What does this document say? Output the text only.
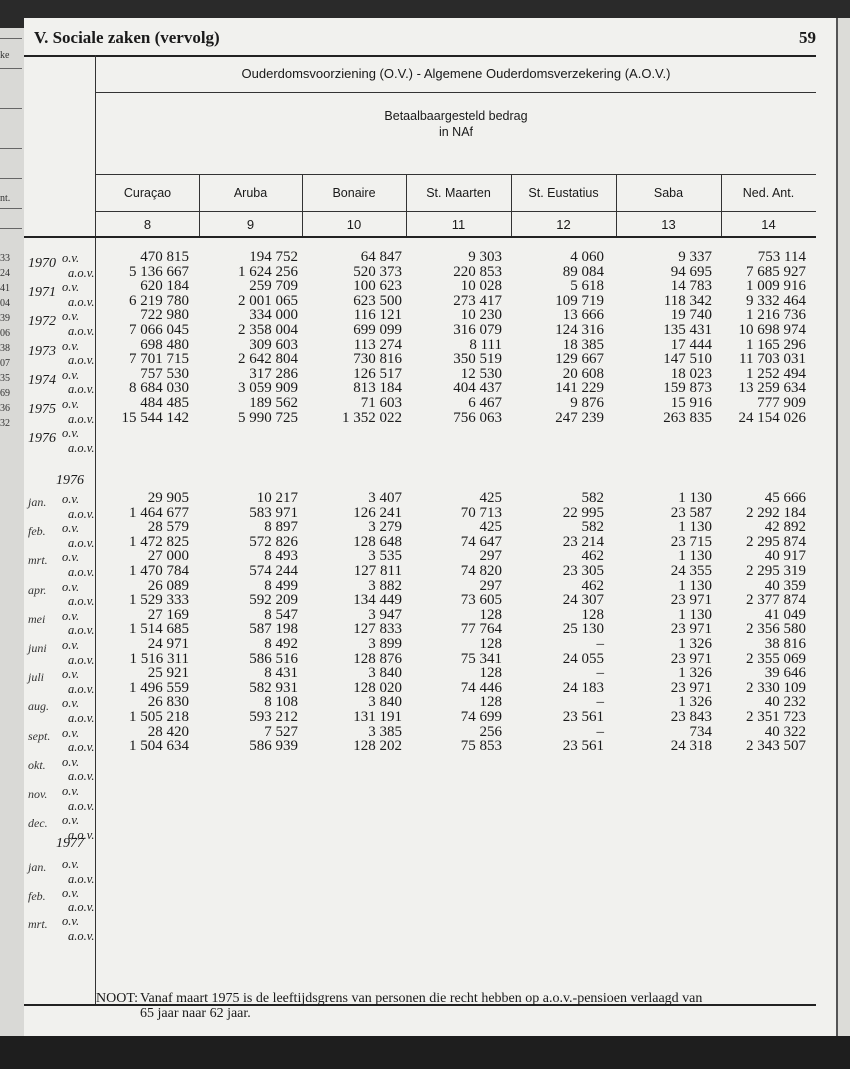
ke
nt.
33
24
41
04
39
06
38
07
35
69
36
32
V. Sociale zaken (vervolg)	59
Ouderdomsvoorziening (O.V.) - Algemene Ouderdomsverzekering (A.O.V.)
Betaalbaargesteld bedrag
in NAf
Curaçao
8
Aruba
9
Bonaire
10
St. Maarten
11
St. Eustatius
12
Saba
13
Ned. Ant.
14
1970 o.v.	470 815	194 752	64 847	9 303	4 060	9 337	753 114
a.o.v.	5 136 667	1 624 256	520 373	220 853	89 084	94 695	7 685 927
1971 o.v.	620 184	259 709	100 623	10 028	5 618	14 783	1 009 916
a.o.v.	6 219 780	2 001 065	623 500	273 417	109 719	118 342	9 332 464
1972 o.v.	722 980	334 000	116 121	10 230	13 666	19 740	1 216 736
a.o.v.	7 066 045	2 358 004	699 099	316 079	124 316	135 431	10 698 974
1973 o.v.	698 480	309 603	113 274	8 111	18 385	17 444	1 165 296
a.o.v.	7 701 715	2 642 804	730 816	350 519	129 667	147 510	11 703 031
1974 o.v.	757 530	317 286	126 517	12 530	20 608	18 023	1 252 494
a.o.v.	8 684 030	3 059 909	813 184	404 437	141 229	159 873	13 259 634
1975 o.v.	484 485	189 562	71 603	6 467	9 876	15 916	777 909
a.o.v.	15 544 142	5 990 725	1 352 022	756 063	247 239	263 835	24 154 026
1976 o.v.
a.o.v.
1976
jan. o.v.	29 905	10 217	3 407	425	582	1 130	45 666
a.o.v.	1 464 677	583 971	126 241	70 713	22 995	23 587	2 292 184
feb. o.v.	28 579	8 897	3 279	425	582	1 130	42 892
a.o.v.	1 472 825	572 826	128 648	74 647	23 214	23 715	2 295 874
mrt. o.v.	27 000	8 493	3 535	297	462	1 130	40 917
a.o.v.	1 470 784	574 244	127 811	74 820	23 305	24 355	2 295 319
apr. o.v.	26 089	8 499	3 882	297	462	1 130	40 359
a.o.v.	1 529 333	592 209	134 449	73 605	24 307	23 971	2 377 874
mei o.v.	27 169	8 547	3 947	128	128	1 130	41 049
a.o.v.	1 514 685	587 198	127 833	77 764	25 130	23 971	2 356 580
juni o.v.	24 971	8 492	3 899	128	–	1 326	38 816
a.o.v.	1 516 311	586 516	128 876	75 341	24 055	23 971	2 355 069
juli o.v.	25 921	8 431	3 840	128	–	1 326	39 646
a.o.v.	1 496 559	582 931	128 020	74 446	24 183	23 971	2 330 109
aug. o.v.	26 830	8 108	3 840	128	–	1 326	40 232
a.o.v.	1 505 218	593 212	131 191	74 699	23 561	23 843	2 351 723
sept. o.v.	28 420	7 527	3 385	256	–	734	40 322
a.o.v.	1 504 634	586 939	128 202	75 853	23 561	24 318	2 343 507
okt. o.v.
a.o.v.
nov. o.v.
a.o.v.
dec. o.v.
a.o.v.
1977
jan. o.v.
a.o.v.
feb. o.v.
a.o.v.
mrt. o.v.
a.o.v.
NOOT: Vanaf maart 1975 is de leeftijdsgrens van personen die recht hebben op a.o.v.-pensioen verlaagd van
65 jaar naar 62 jaar.
